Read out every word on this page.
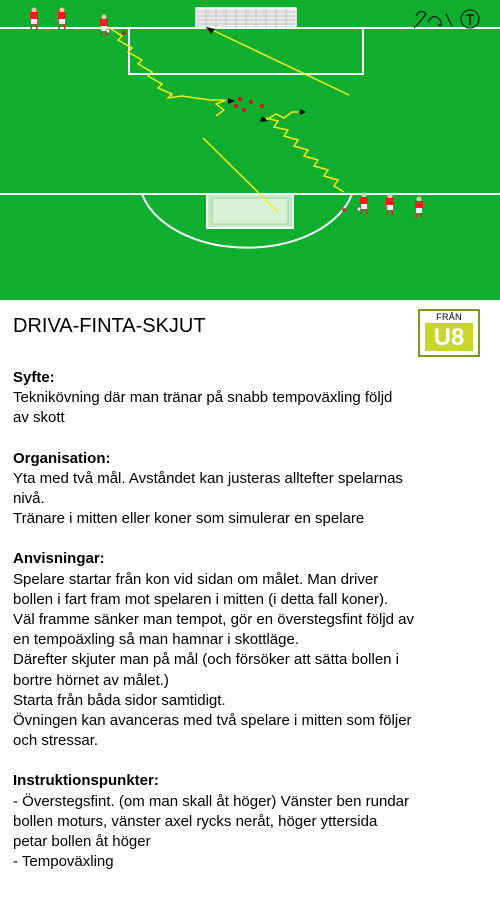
FRÅN
U8
DRIVA-FINTA-SKJUT
Syfte:
Teknikövning där man tränar på snabb tempoväxling följd
av skott
Organisation:
Yta med två mål. Avståndet kan justeras alltefter spelarnas
nivå.
Tränare i mitten eller koner som simulerar en spelare
Anvisningar:
Spelare startar från kon vid sidan om målet. Man driver
bollen i fart fram mot spelaren i mitten (i detta fall koner).
Väl framme sänker man tempot, gör en överstegsfint följd av
en tempoäxling så man hamnar i skottläge.
Därefter skjuter man på mål (och försöker att sätta bollen i
bortre hörnet av målet.)
Starta från båda sidor samtidigt.
Övningen kan avanceras med två spelare i mitten som följer
och stressar.
Instruktionspunkter:
- Överstegsfint. (om man skall åt höger) Vänster ben rundar
bollen moturs, vänster axel rycks neråt, höger yttersida
petar bollen åt höger
- Tempoväxling
